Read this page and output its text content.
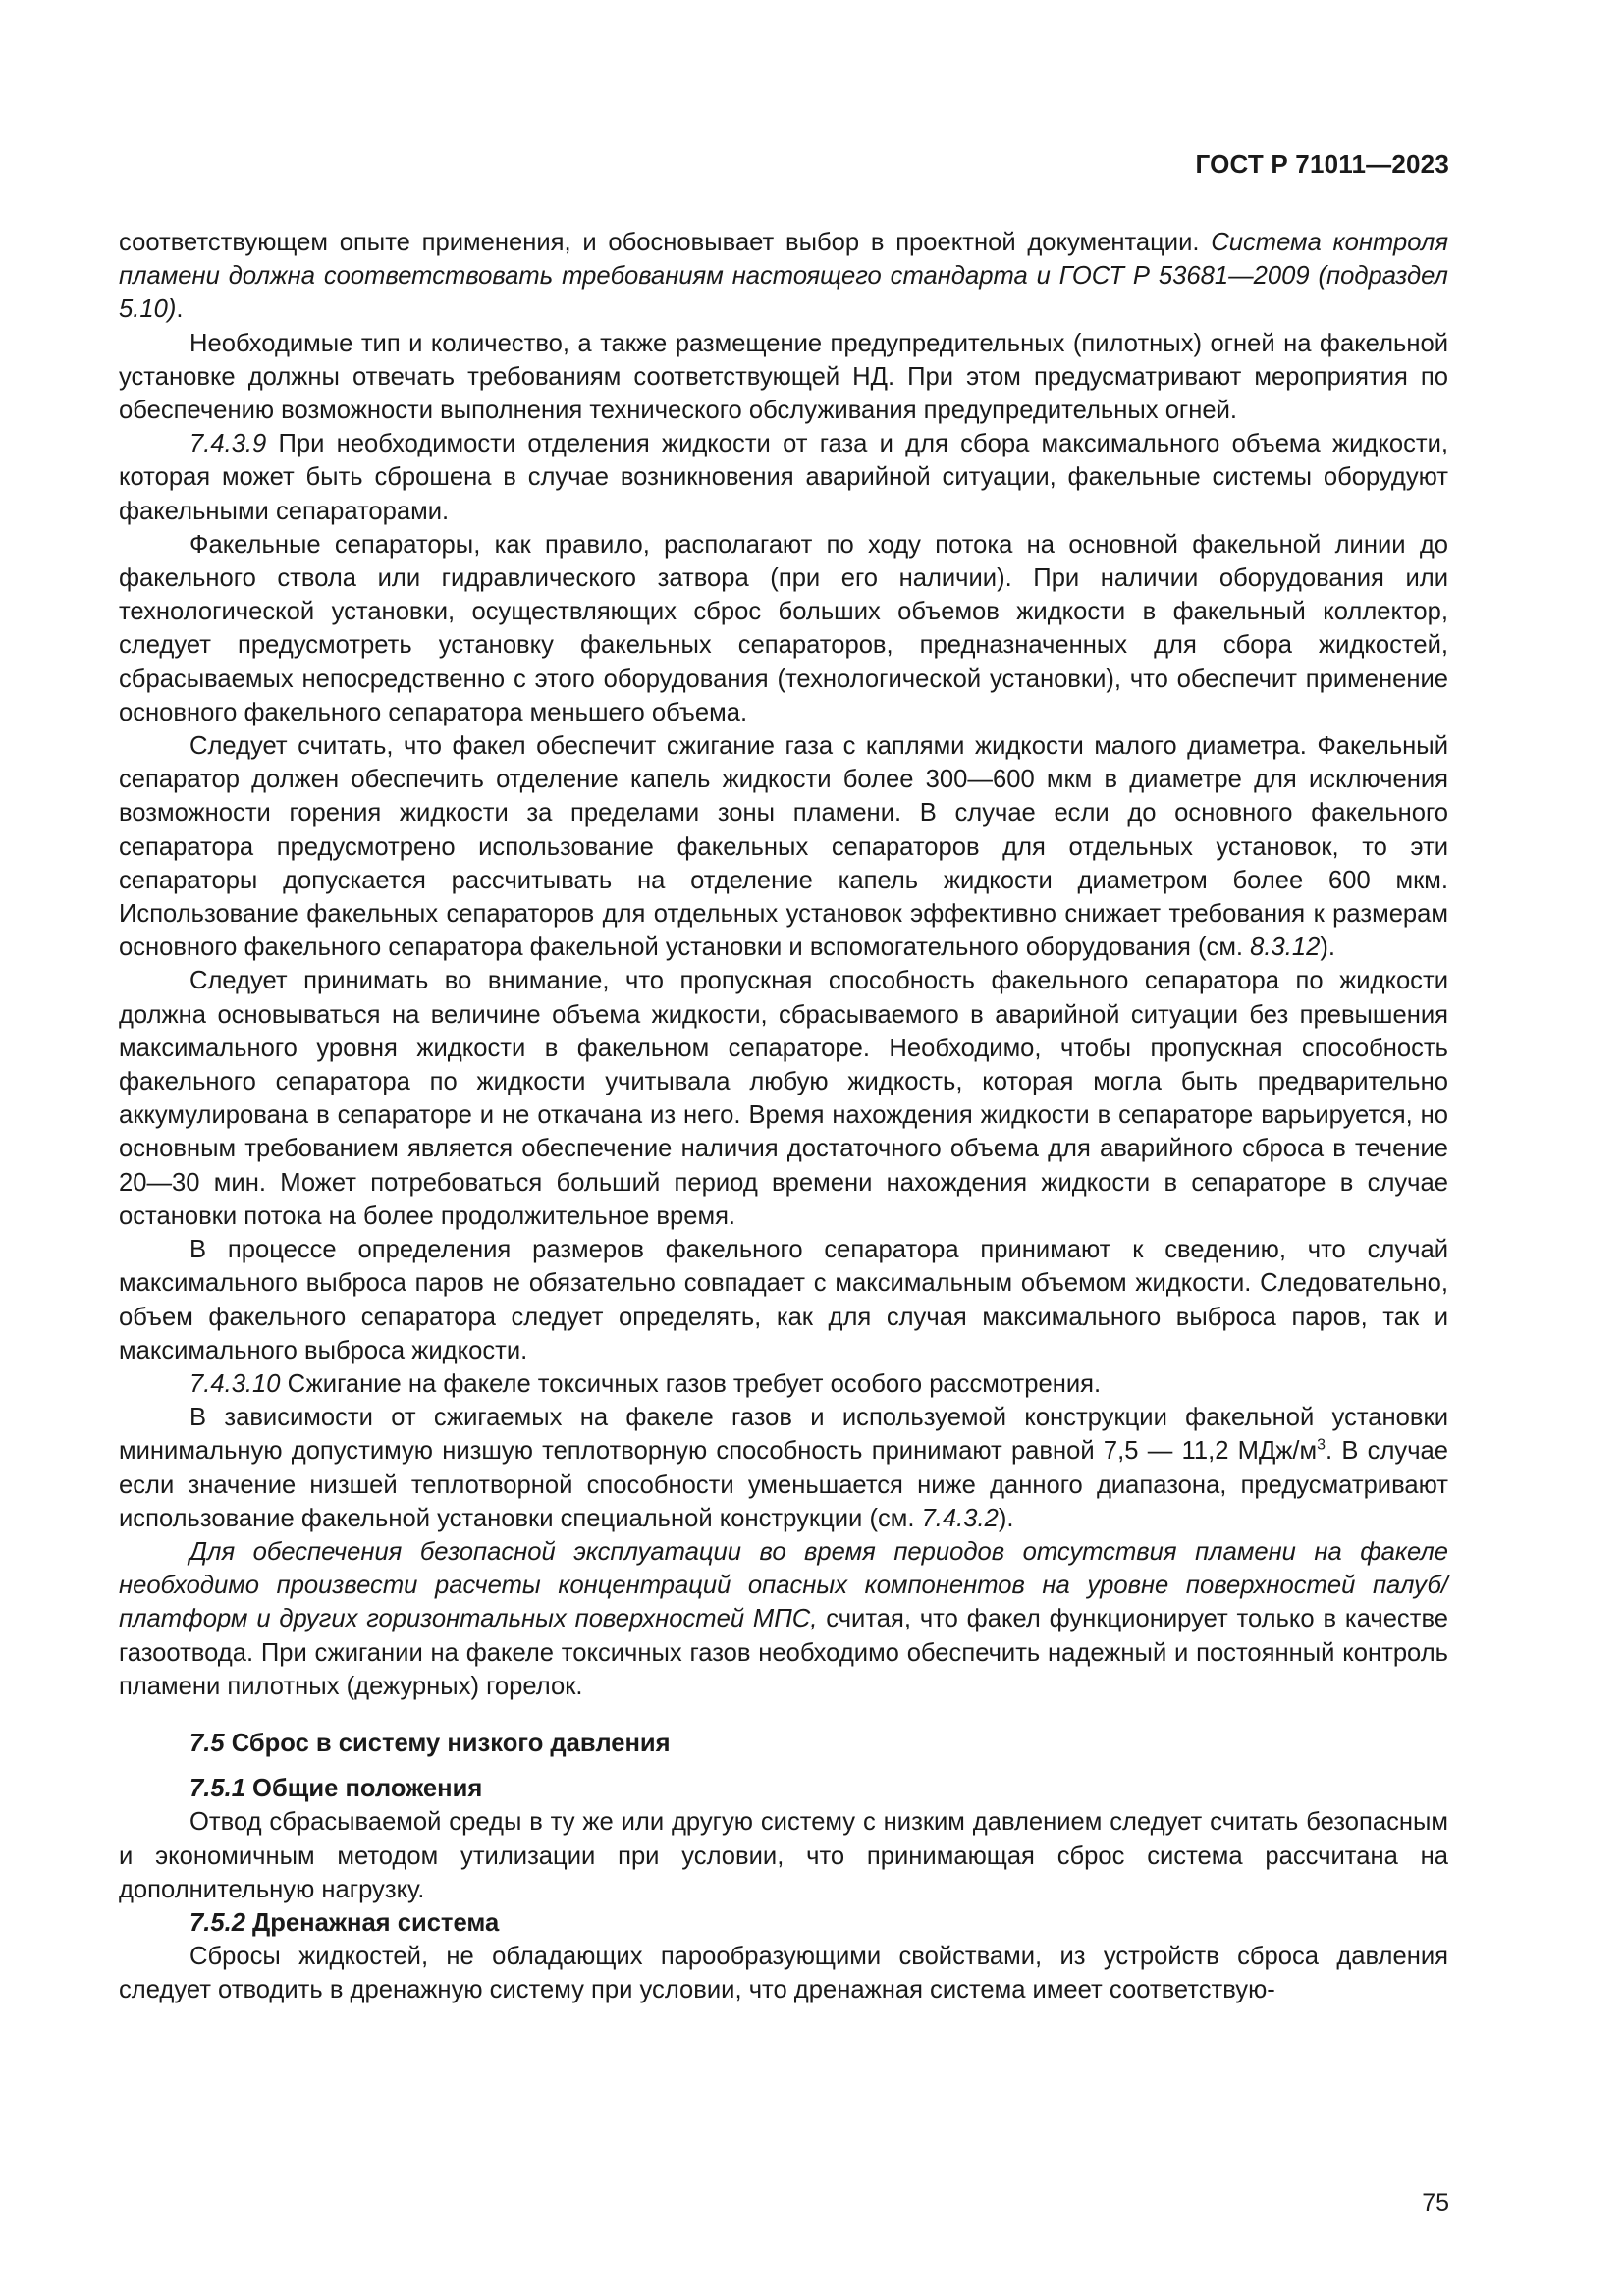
ГОСТ Р 71011—2023

соответствующем опыте применения, и обосновывает выбор в проектной документации. Система контроля пламени должна соответствовать требованиям настоящего стандарта и ГОСТ Р 53681—2009 (подраздел 5.10).

Необходимые тип и количество, а также размещение предупредительных (пилотных) огней на факельной установке должны отвечать требованиям соответствующей НД. При этом предусматривают мероприятия по обеспечению возможности выполнения технического обслуживания предупредительных огней.

7.4.3.9 При необходимости отделения жидкости от газа и для сбора максимального объема жидкости, которая может быть сброшена в случае возникновения аварийной ситуации, факельные системы оборудуют факельными сепараторами.

Факельные сепараторы, как правило, располагают по ходу потока на основной факельной линии до факельного ствола или гидравлического затвора (при его наличии). При наличии оборудования или технологической установки, осуществляющих сброс больших объемов жидкости в факельный коллектор, следует предусмотреть установку факельных сепараторов, предназначенных для сбора жидкостей, сбрасываемых непосредственно с этого оборудования (технологической установки), что обеспечит применение основного факельного сепаратора меньшего объема.

Следует считать, что факел обеспечит сжигание газа с каплями жидкости малого диаметра. Факельный сепаратор должен обеспечить отделение капель жидкости более 300—600 мкм в диаметре для исключения возможности горения жидкости за пределами зоны пламени. В случае если до основного факельного сепаратора предусмотрено использование факельных сепараторов для отдельных установок, то эти сепараторы допускается рассчитывать на отделение капель жидкости диаметром более 600 мкм. Использование факельных сепараторов для отдельных установок эффективно снижает требования к размерам основного факельного сепаратора факельной установки и вспомогательного оборудования (см. 8.3.12).

Следует принимать во внимание, что пропускная способность факельного сепаратора по жидкости должна основываться на величине объема жидкости, сбрасываемого в аварийной ситуации без превышения максимального уровня жидкости в факельном сепараторе. Необходимо, чтобы пропускная способность факельного сепаратора по жидкости учитывала любую жидкость, которая могла быть предварительно аккумулирована в сепараторе и не откачана из него. Время нахождения жидкости в сепараторе варьируется, но основным требованием является обеспечение наличия достаточного объема для аварийного сброса в течение 20—30 мин. Может потребоваться больший период времени нахождения жидкости в сепараторе в случае остановки потока на более продолжительное время.

В процессе определения размеров факельного сепаратора принимают к сведению, что случай максимального выброса паров не обязательно совпадает с максимальным объемом жидкости. Следовательно, объем факельного сепаратора следует определять, как для случая максимального выброса паров, так и максимального выброса жидкости.

7.4.3.10 Сжигание на факеле токсичных газов требует особого рассмотрения.

В зависимости от сжигаемых на факеле газов и используемой конструкции факельной установки минимальную допустимую низшую теплотворную способность принимают равной 7,5 — 11,2 МДж/$м^3$. В случае если значение низшей теплотворной способности уменьшается ниже данного диапазона, предусматривают использование факельной установки специальной конструкции (см. 7.4.3.2).

Для обеспечения безопасной эксплуатации во время периодов отсутствия пламени на факеле необходимо произвести расчеты концентраций опасных компонентов на уровне поверхностей палуб/платформ и других горизонтальных поверхностей МПС, считая, что факел функционирует только в качестве газоотвода. При сжигании на факеле токсичных газов необходимо обеспечить надежный и постоянный контроль пламени пилотных (дежурных) горелок.

7.5 Сброс в систему низкого давления

7.5.1 Общие положения

Отвод сбрасываемой среды в ту же или другую систему с низким давлением следует считать безопасным и экономичным методом утилизации при условии, что принимающая сброс система рассчитана на дополнительную нагрузку.

7.5.2 Дренажная система

Сбросы жидкостей, не обладающих парообразующими свойствами, из устройств сброса давления следует отводить в дренажную систему при условии, что дренажная система имеет соответствую-

75
